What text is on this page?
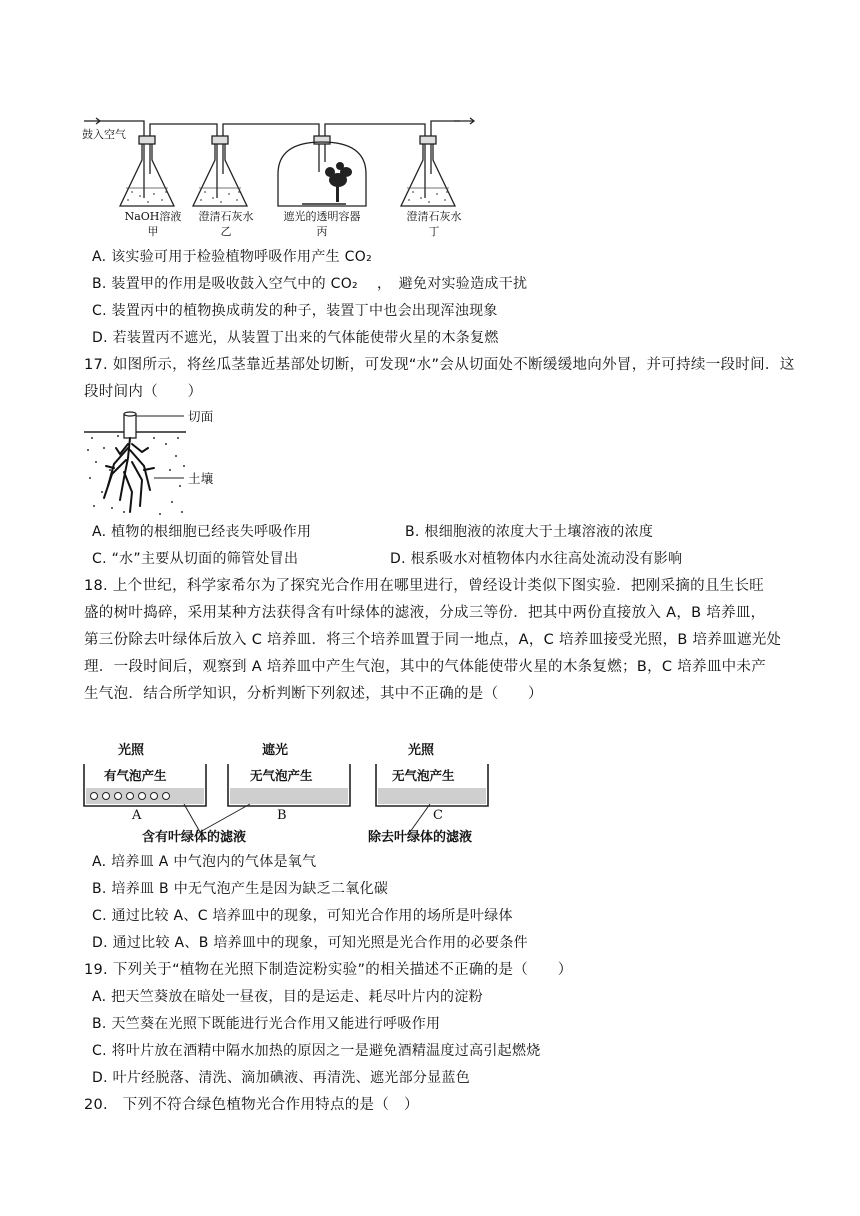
鼓入空气
NaOH溶液
甲
澄清石灰水
乙
遮光的透明容器
丙
澄清石灰水
丁
A. 该实验可用于检验植物呼吸作用产生 CO₂
B. 装置甲的作用是吸收鼓入空气中的 CO₂　 ，　避免对实验造成干扰
C. 装置丙中的植物换成萌发的种子，装置丁中也会出现浑浊现象
D. 若装置丙不遮光，从装置丁出来的气体能使带火星的木条复燃
17. 如图所示，将丝瓜茎靠近基部处切断，可发现“水”会从切面处不断缓缓地向外冒，并可持续一段时间．这
段时间内（　　）
切面
土壤
A. 植物的根细胞已经丧失呼吸作用	B. 根细胞液的浓度大于土壤溶液的浓度
C. “水”主要从切面的筛管处冒出	D. 根系吸水对植物体内水往高处流动没有影响
18. 上个世纪，科学家希尔为了探究光合作用在哪里进行，曾经设计类似下图实验．把刚采摘的且生长旺
盛的树叶捣碎，采用某种方法获得含有叶绿体的滤液，分成三等份．把其中两份直接放入 A，B 培养皿，
第三份除去叶绿体后放入 C 培养皿．将三个培养皿置于同一地点，A，C 培养皿接受光照，B 培养皿遮光处
理．一段时间后，观察到 A 培养皿中产生气泡，其中的气体能使带火星的木条复燃；B，C 培养皿中未产
生气泡．结合所学知识，分析判断下列叙述，其中不正确的是（　　）
光照	遮光	光照
有气泡产生	无气泡产生	无气泡产生
A	B	C
含有叶绿体的滤液	除去叶绿体的滤液
A. 培养皿 A 中气泡内的气体是氧气
B. 培养皿 B 中无气泡产生是因为缺乏二氧化碳
C. 通过比较 A、C 培养皿中的现象，可知光合作用的场所是叶绿体
D. 通过比较 A、B 培养皿中的现象，可知光照是光合作用的必要条件
19. 下列关于“植物在光照下制造淀粉实验”的相关描述不正确的是（　　）
A. 把天竺葵放在暗处一昼夜，目的是运走、耗尽叶片内的淀粉
B. 天竺葵在光照下既能进行光合作用又能进行呼吸作用
C. 将叶片放在酒精中隔水加热的原因之一是避免酒精温度过高引起燃烧
D. 叶片经脱落、清洗、滴加碘液、再清洗、遮光部分显蓝色
20.　下列不符合绿色植物光合作用特点的是（　）
